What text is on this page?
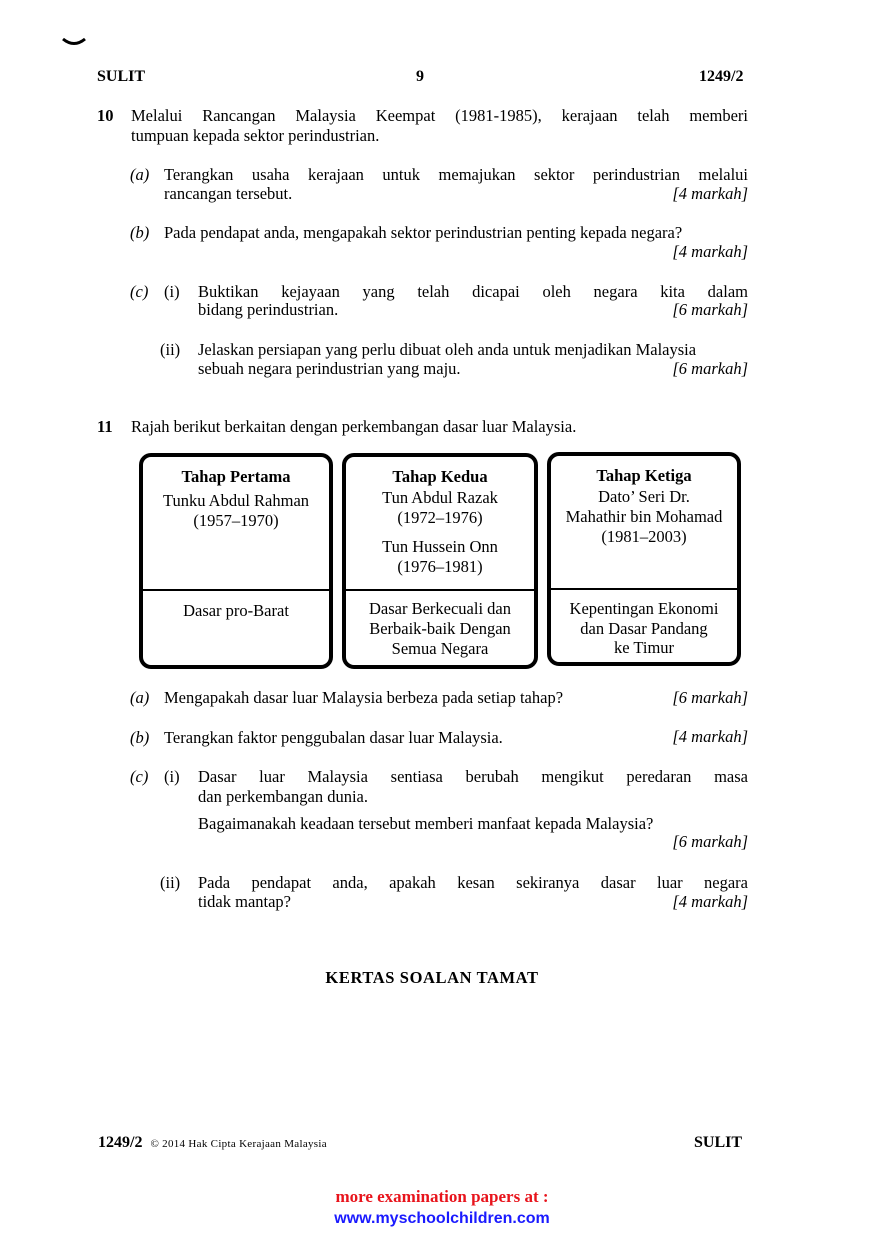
SULIT	9	1249/2
10 Melalui Rancangan Malaysia Keempat (1981-1985), kerajaan telah memberi
tumpuan kepada sektor perindustrian.
(a) Terangkan usaha kerajaan untuk memajukan sektor perindustrian melalui
rancangan tersebut.	[4 markah]
(b) Pada pendapat anda, mengapakah sektor perindustrian penting kepada negara?
[4 markah]
(c) (i) Buktikan kejayaan yang telah dicapai oleh negara kita dalam
bidang perindustrian.	[6 markah]
(ii) Jelaskan persiapan yang perlu dibuat oleh anda untuk menjadikan Malaysia
sebuah negara perindustrian yang maju.	[6 markah]
11 Rajah berikut berkaitan dengan perkembangan dasar luar Malaysia.
Tahap Pertama
Tunku Abdul Rahman
(1957–1970)
Dasar pro-Barat
Tahap Kedua
Tun Abdul Razak
(1972–1976)
Tun Hussein Onn
(1976–1981)
Dasar Berkecuali dan
Berbaik-baik Dengan
Semua Negara
Tahap Ketiga
Dato’ Seri Dr.
Mahathir bin Mohamad
(1981–2003)
Kepentingan Ekonomi
dan Dasar Pandang
ke Timur
(a) Mengapakah dasar luar Malaysia berbeza pada setiap tahap?	[6 markah]
(b) Terangkan faktor penggubalan dasar luar Malaysia.	[4 markah]
(c) (i) Dasar luar Malaysia sentiasa berubah mengikut peredaran masa
dan perkembangan dunia.
Bagaimanakah keadaan tersebut memberi manfaat kepada Malaysia?
[6 markah]
(ii) Pada pendapat anda, apakah kesan sekiranya dasar luar negara
tidak mantap?	[4 markah]
KERTAS SOALAN TAMAT
1249/2 © 2014 Hak Cipta Kerajaan Malaysia	SULIT
more examination papers at :
www.myschoolchildren.com
